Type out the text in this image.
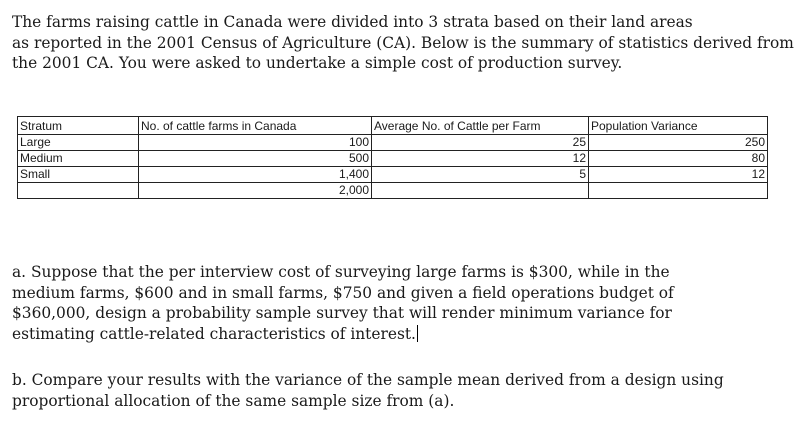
The farms raising cattle in Canada were divided into 3 strata based on their land areas
as reported in the 2001 Census of Agriculture (CA). Below is the summary of statistics derived from
the 2001 CA. You were asked to undertake a simple cost of production survey.
Stratum	No. of cattle farms in Canada	Average No. of Cattle per Farm	Population Variance
Large	100	25	250
Medium	500	12	80
Small	1,400	5	12
	2,000		
a. Suppose that the per interview cost of surveying large farms is $300, while in the
medium farms, $600 and in small farms, $750 and given a field operations budget of
$360,000, design a probability sample survey that will render minimum variance for
estimating cattle-related characteristics of interest.
b. Compare your results with the variance of the sample mean derived from a design using
proportional allocation of the same sample size from (a).
